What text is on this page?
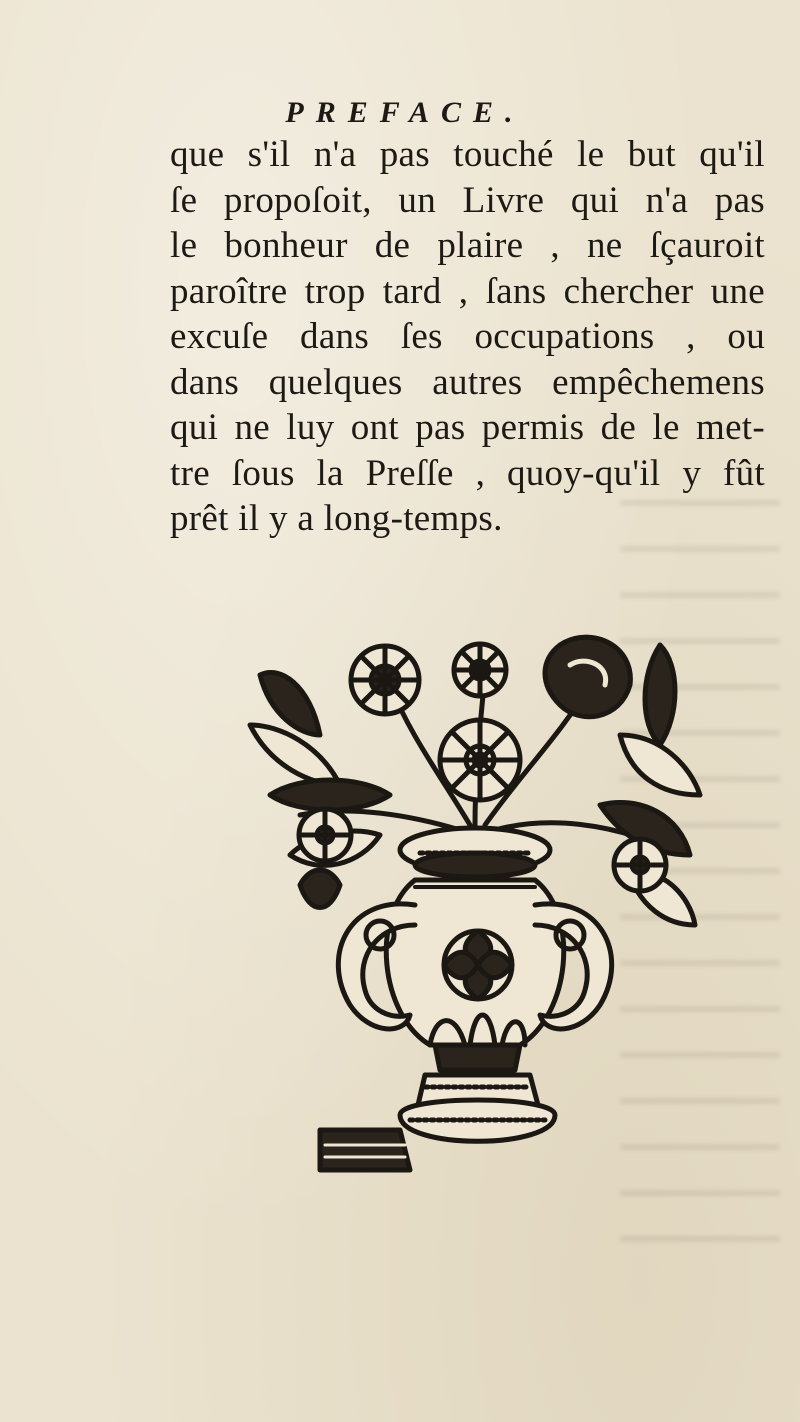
PREFACE.
que s'il n'a pas touché le but qu'il
ſe propoſoit, un Livre qui n'a pas
le bonheur de plaire , ne ſçauroit
paroître trop tard , ſans chercher une
excuſe dans ſes occupations , ou
dans quelques autres empêchemens
qui ne luy ont pas permis de le met-
tre ſous la Preſſe , quoy-qu'il y fût
prêt il y a long-temps.
